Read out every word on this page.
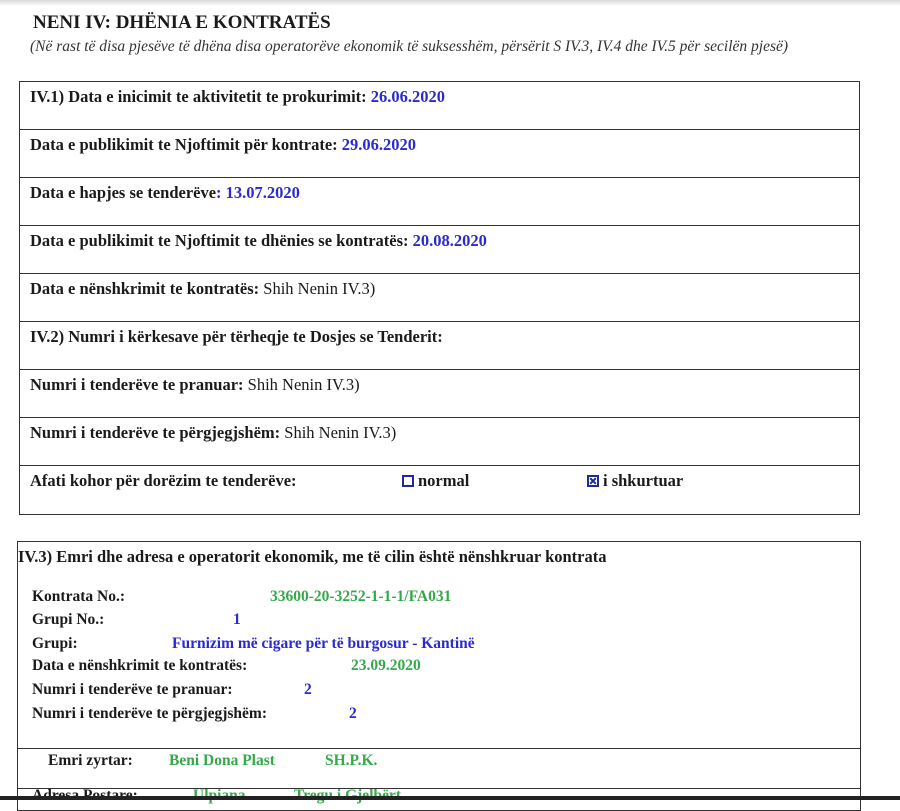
NENI IV: DHËNIA E KONTRATËS
(Në rast të disa pjesëve të dhëna disa operatorëve ekonomik të suksesshëm, përsërit S IV.3, IV.4 dhe IV.5 për secilën pjesë)
IV.1) Data e inicimit te aktivitetit te prokurimit: 26.06.2020
Data e publikimit te Njoftimit për kontrate: 29.06.2020
Data e hapjes se tenderëve: 13.07.2020
Data e publikimit te Njoftimit te dhënies se kontratës: 20.08.2020
Data e nënshkrimit te kontratës: Shih Nenin IV.3)
IV.2) Numri i kërkesave për tërheqje te Dosjes se Tenderit:
Numri i tenderëve te pranuar: Shih Nenin IV.3)
Numri i tenderëve te përgjegjshëm: Shih Nenin IV.3)
Afati kohor për dorëzim te tenderëve:	normal	i shkurtuar
IV.3) Emri dhe adresa e operatorit ekonomik, me të cilin është nënshkruar kontrata
Kontrata No.:	33600-20-3252-1-1-1/FA031
Grupi No.:	1
Grupi:	Furnizim më cigare për të burgosur - Kantinë
Data e nënshkrimit te kontratës:	23.09.2020
Numri i tenderëve te pranuar:	2
Numri i tenderëve te përgjegjshëm:	2
Emri zyrtar: Beni Dona Plast	SH.P.K.
